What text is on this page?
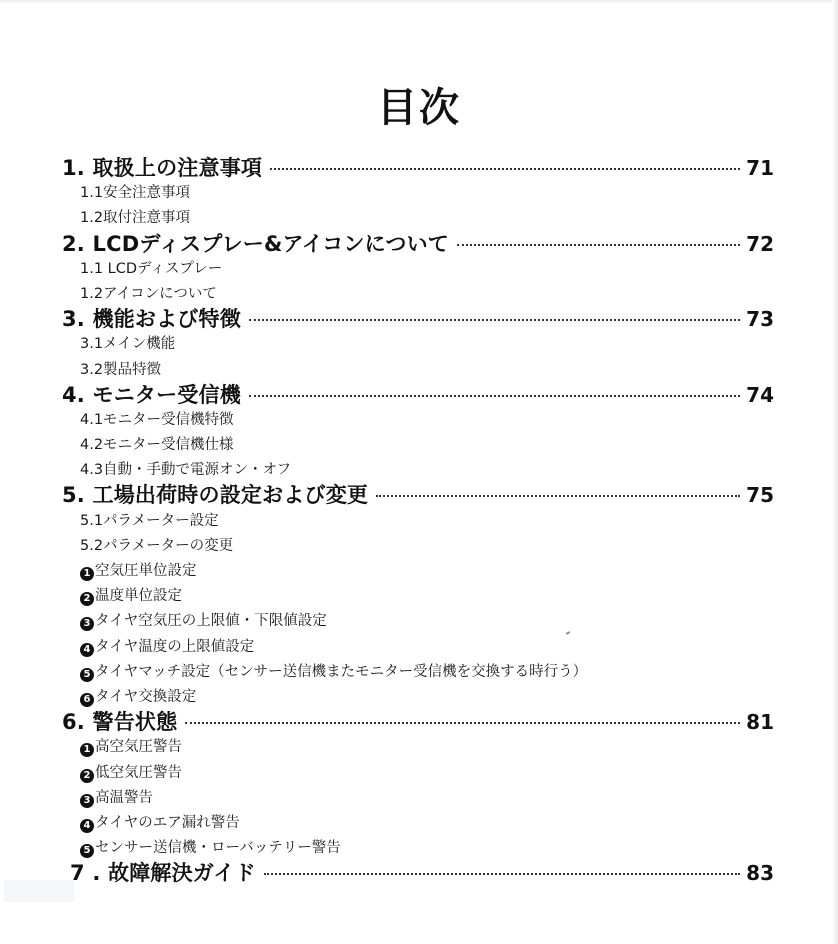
目次
1. 取扱上の注意事項	71
1.1安全注意事項
1.2取付注意事項
2. LCDディスプレー&アイコンについて	72
1.1 LCDディスプレー
1.2アイコンについて
3. 機能および特徴	73
3.1メイン機能
3.2製品特徴
4. モニター受信機	74
4.1モニター受信機特徴
4.2モニター受信機仕様
4.3自動・手動で電源オン・オフ
5. 工場出荷時の設定および変更	75
5.1パラメーター設定
5.2パラメーターの変更
1 空気圧単位設定
2 温度単位設定
3 タイヤ空気圧の上限値・下限値設定
4 タイヤ温度の上限値設定
5 タイヤマッチ設定（センサー送信機またモニター受信機を交換する時行う）
6 タイヤ交換設定
6. 警告状態	81
1 高空気圧警告
2 低空気圧警告
3 高温警告
4 タイヤのエア漏れ警告
5 センサー送信機・ローバッテリー警告
7 . 故障解決ガイド	83
